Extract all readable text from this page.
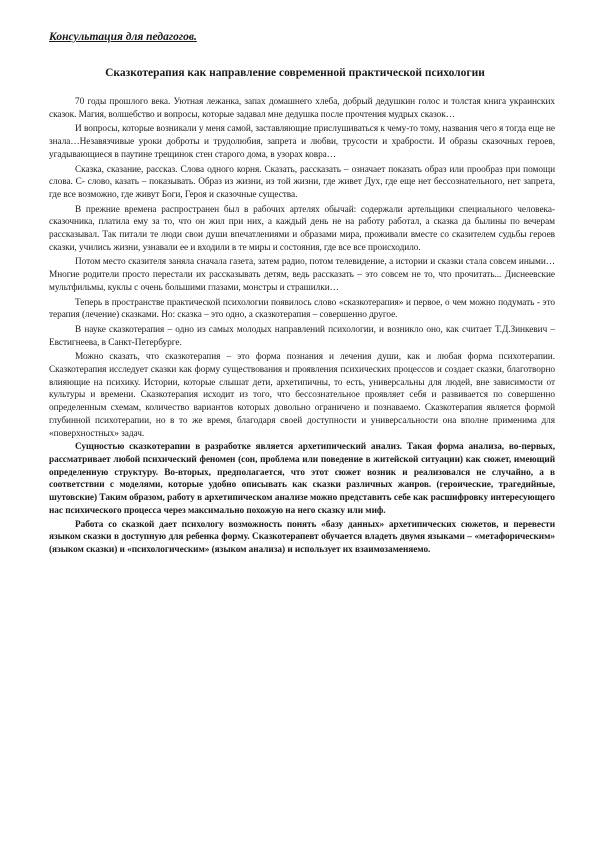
Консультация для педагогов.
Сказкотерапия как направление современной практической психологии

70 годы прошлого века. Уютная лежанка, запах домашнего хлеба, добрый дедушкин голос и толстая книга украинских сказок. Магия, волшебство и вопросы, которые задавал мне дедушка после прочтения мудрых сказок…

И вопросы, которые возникали у меня самой, заставляющие прислушиваться к чему-то тому, названия чего я тогда еще не знала…Незавязчивые уроки доброты и трудолюбия, запрета и любви, трусости и храбрости. И образы сказочных героев, угадывающиеся в паутине трещинок стен старого дома, в узорах ковра…

Сказка, сказание, рассказ. Слова одного корня. Сказать, рассказать – означает показать образ или прообраз при помощи слова. С- слово, казать – показывать. Образ из жизни, из той жизни, где живет Дух, где еще нет бессознательного, нет запрета, где все возможно, где живут Боги, Героя и сказочные существа.

В прежние времена распространен был в рабочих артелях обычай: содержали артельщики специального человека- сказочника, платила ему за то, что он жил при них, а каждый день не на работу работал, а сказка да былины по вечерам рассказывал. Так питали те люди свои души впечатлениями и образами мира, проживали вместе со сказителем судьбы героев сказки, учились жизни, узнавали ее и входили в те миры и состояния, где все все происходило.

Потом место сказителя заняла сначала газета, затем радио, потом телевидение, а истории и сказки стала совсем иными… Многие родители просто перестали их рассказывать детям, ведь рассказать – это совсем не то, что прочитать... Диснеевские мультфильмы, куклы с очень большими глазами, монстры и страшилки…

Теперь в пространстве практической психологии появилось слово «сказкотерапия» и первое, о чем можно подумать - это терапия (лечение) сказками. Но: сказка – это одно, а сказкотерапия – совершенно другое.

В науке сказкотерапия – одно из самых молодых направлений психологии, и возникло оно, как считает Т.Д.Зинкевич – Евстигнеева, в Санкт-Петербурге.

Можно сказать, что сказкотерапия – это форма познания и лечения души, как и любая форма психотерапии. Сказкотерапия исследует сказки как форму существования и проявления психических процессов и создает сказки, благотворно влияющие на психику. Истории, которые слышат дети, архетипичны, то есть, универсальны для людей, вне зависимости от культуры и времени. Сказкотерапия исходит из того, что бессознательное проявляет себя и развивается по совершенно определенным схемам, количество вариантов которых довольно ограничено и познаваемо. Сказкотерапия является формой глубинной психотерапии, но в то же время, благодаря своей доступности и универсальности она вполне применима для «поверхностных» задач.

Сущностью сказкотерапии в разработке является архетипический анализ. Такая форма анализа, во-первых, рассматривает любой психический феномен (сон, проблема или поведение в житейской ситуации) как сюжет, имеющий определенную структуру. Во-вторых, предполагается, что этот сюжет возник и реализовался не случайно, а в соответствии с моделями, которые удобно описывать как сказки различных жанров. (героические, трагедийные, шутовские) Таким образом, работу в архетипическом анализе можно представить себе как расшифровку интересующего нас психического процесса через максимально похожую на него сказку или миф.

Работа со сказкой дает психологу возможность понять «базу данных» архетипических сюжетов, и перевести языком сказки в доступную для ребенка форму. Сказкотерапевт обучается владеть двумя языками – «метафорическим» (языком сказки) и «психологическим» (языком анализа) и использует их взаимозаменяемо.
